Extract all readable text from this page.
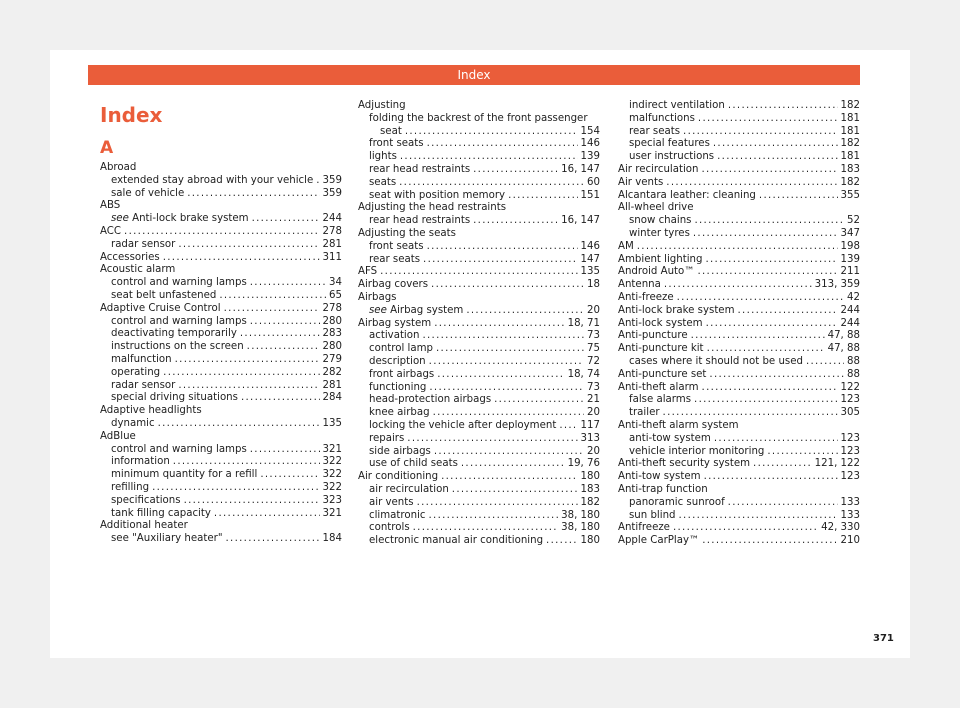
Index
Index
A
Abroad
extended stay abroad with your vehicle ..... 359
sale of vehicle .....	359
ABS
see Anti-lock brake system .....	244
ACC .....	278
radar sensor .....	281
Accessories .....	311
Acoustic alarm
control and warning lamps .....	34
seat belt unfastened .....	65
Adaptive Cruise Control .....	278
control and warning lamps .....	280
deactivating temporarily .....	283
instructions on the screen .....	280
malfunction .....	279
operating .....	282
radar sensor .....	281
special driving situations .....	284
Adaptive headlights
dynamic .....	135
AdBlue
control and warning lamps .....	321
information .....	322
minimum quantity for a refill .....	322
refilling .....	322
specifications .....	323
tank filling capacity .....	321
Additional heater
see "Auxiliary heater" .....	184
Adjusting
folding the backrest of the front passenger
seat .....	154
front seats .....	146
lights .....	139
rear head restraints .....	16, 147
seats .....	60
seat with position memory .....	151
Adjusting the head restraints
rear head restraints .....	16, 147
Adjusting the seats
front seats .....	146
rear seats .....	147
AFS .....	135
Airbag covers .....	18
Airbags
see Airbag system .....	20
Airbag system .....	18, 71
activation .....	73
control lamp .....	75
description .....	72
front airbags .....	18, 74
functioning .....	73
head-protection airbags .....	21
knee airbag .....	20
locking the vehicle after deployment ..... 117
repairs .....	313
side airbags .....	20
use of child seats .....	19, 76
Air conditioning .....	180
air recirculation .....	183
air vents .....	182
climatronic .....	38, 180
controls .....	38, 180
electronic manual air conditioning .....	180
indirect ventilation .....	182
malfunctions .....	181
rear seats .....	181
special features .....	182
user instructions .....	181
Air recirculation .....	183
Air vents .....	182
Alcantara leather: cleaning .....	355
All-wheel drive
snow chains .....	52
winter tyres .....	347
AM .....	198
Ambient lighting .....	139
Android Auto™ .....	211
Antenna .....	313, 359
Anti-freeze .....	42
Anti-lock brake system .....	244
Anti-lock system .....	244
Anti-puncture .....	47, 88
Anti-puncture kit .....	47, 88
cases where it should not be used .....	88
Anti-puncture set .....	88
Anti-theft alarm .....	122
false alarms .....	123
trailer .....	305
Anti-theft alarm system
anti-tow system .....	123
vehicle interior monitoring .....	123
Anti-theft security system .....	121, 122
Anti-tow system .....	123
Anti-trap function
panoramic sunroof .....	133
sun blind .....	133
Antifreeze .....	42, 330
Apple CarPlay™ .....	210
371
